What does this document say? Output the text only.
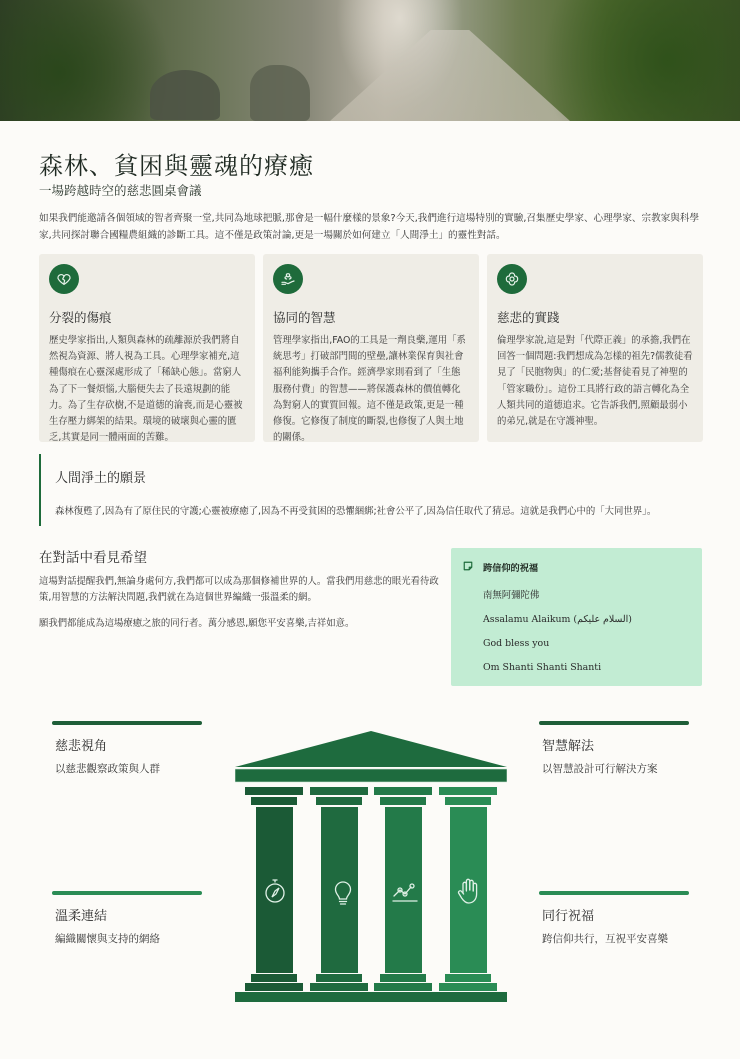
森林、貧困與靈魂的療癒
一場跨越時空的慈悲圓桌會議

如果我們能邀請各個領域的智者齊聚一堂,共同為地球把脈,那會是一幅什麼樣的景象?今天,我們進行這場特別的實驗,召集歷史學家、心理學家、宗教家與科學家,共同探討聯合國糧農組織的診斷工具。這不僅是政策討論,更是一場關於如何建立「人間淨土」的靈性對話。

分裂的傷痕

歷史學家指出,人類與森林的疏離源於我們將自然視為資源、將人視為工具。心理學家補充,這種傷痕在心靈深處形成了「稀缺心態」。當窮人為了下一餐煩惱,大腦便失去了長遠規劃的能力。為了生存砍樹,不是道德的淪喪,而是心靈被生存壓力綁架的結果。環境的破壞與心靈的匱乏,其實是同一體兩面的苦難。

協同的智慧

管理學家指出,FAO的工具是一劑良藥,運用「系統思考」打破部門間的壁壘,讓林業保育與社會福利能夠攜手合作。經濟學家則看到了「生態服務付費」的智慧——將保護森林的價值轉化為對窮人的實質回報。這不僅是政策,更是一種修復。它修復了制度的斷裂,也修復了人與土地的關係。

慈悲的實踐

倫理學家說,這是對「代際正義」的承擔,我們在回答一個問題:我們想成為怎樣的祖先?儒教徒看見了「民胞物與」的仁愛;基督徒看見了神聖的「管家職份」。這份工具將行政的語言轉化為全人類共同的道德追求。它告訴我們,照顧最弱小的弟兄,就是在守護神聖。

人間淨土的願景

森林復甦了,因為有了原住民的守護;心靈被療癒了,因為不再受貧困的恐懼綑綁;社會公平了,因為信任取代了猜忌。這就是我們心中的「大同世界」。

在對話中看見希望

這場對話提醒我們,無論身處何方,我們都可以成為那個修補世界的人。當我們用慈悲的眼光看待政策,用智慧的方法解決問題,我們就在為這個世界編織一張溫柔的網。

願我們都能成為這場療癒之旅的同行者。萬分感恩,願您平安喜樂,吉祥如意。

跨信仰的祝福
南無阿彌陀佛
Assalamu Alaikum (السلام عليكم)
God bless you
Om Shanti Shanti Shanti
慈悲視角

以慈悲觀察政策與人群

智慧解法

以智慧設計可行解決方案

溫柔連結

編織關懷與支持的網絡

同行祝福

跨信仰共行，互祝平安喜樂
